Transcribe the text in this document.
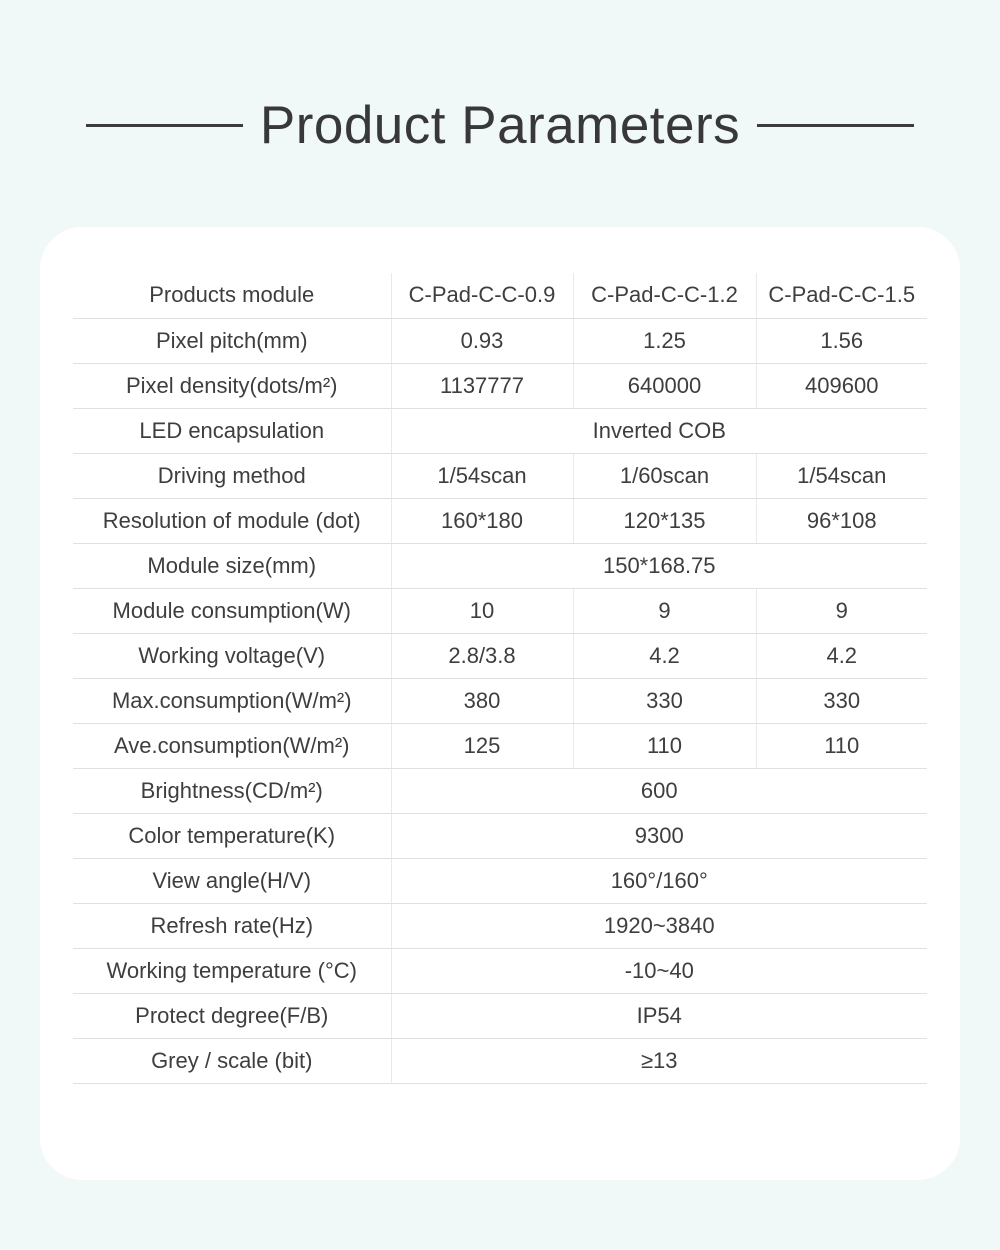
Product Parameters
Products module	C-Pad-C-C-0.9	C-Pad-C-C-1.2	C-Pad-C-C-1.5
Pixel pitch(mm)	0.93	1.25	1.56
Pixel density(dots/m²)	1137777	640000	409600
LED encapsulation	Inverted COB		
Driving method	1/54scan	1/60scan	1/54scan
Resolution of module (dot)	160*180	120*135	96*108
Module size(mm)	150*168.75		
Module consumption(W)	10	9	9
Working voltage(V)	2.8/3.8	4.2	4.2
Max.consumption(W/m²)	380	330	330
Ave.consumption(W/m²)	125	110	110
Brightness(CD/m²)	600		
Color temperature(K)	9300		
View angle(H/V)	160°/160°		
Refresh rate(Hz)	1920~3840		
Working temperature (°C)	-10~40		
Protect degree(F/B)	IP54		
Grey / scale (bit)	≥13		
